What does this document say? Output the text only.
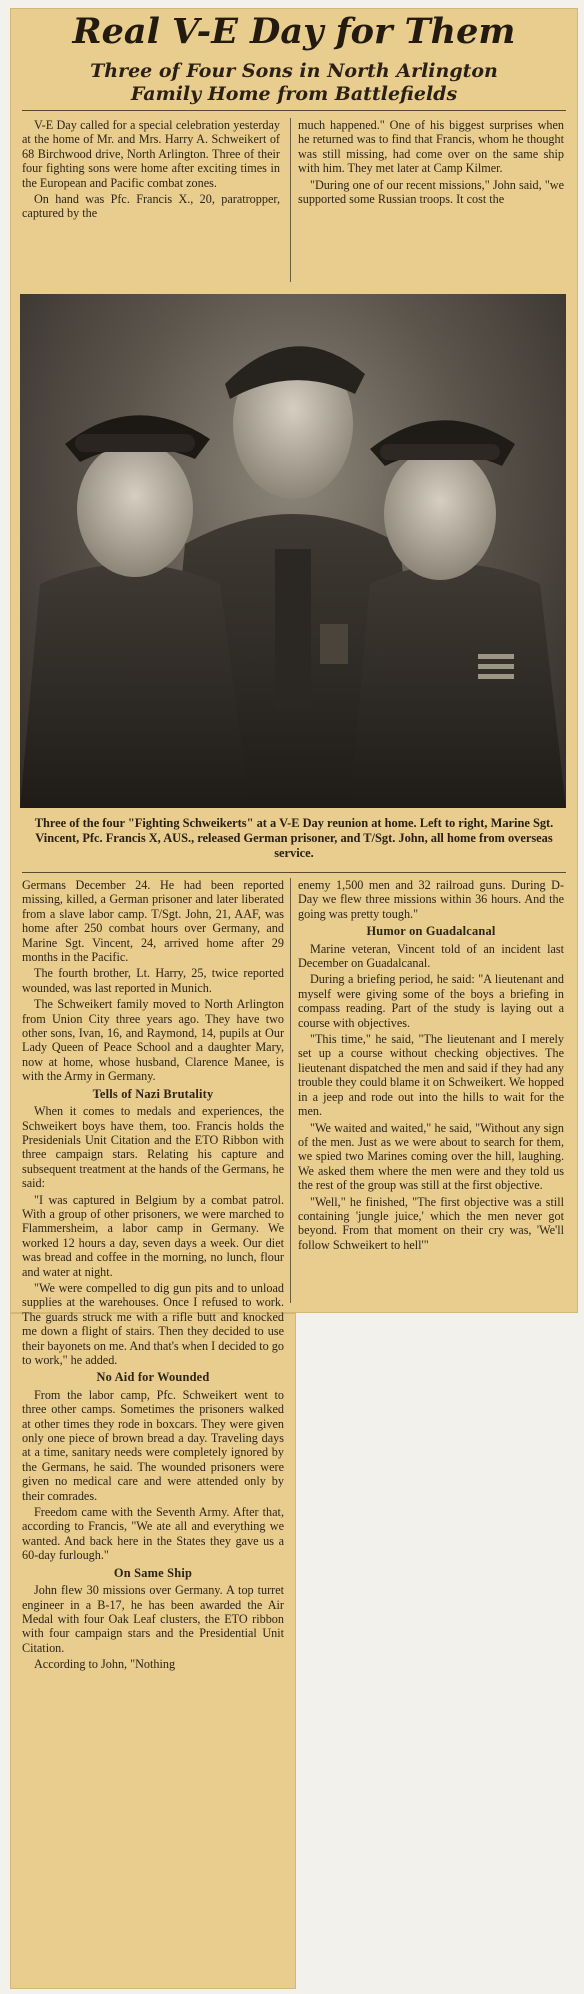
Real V-E Day for Them
Three of Four Sons in North Arlington
Family Home from Battlefields

V-E Day called for a special celebration yesterday at the home of Mr. and Mrs. Harry A. Schweikert of 68 Birchwood drive, North Arlington. Three of their four fighting sons were home after exciting times in the European and Pacific combat zones.

On hand was Pfc. Francis X., 20, paratropper, captured by the

much happened." One of his biggest surprises when he returned was to find that Francis, whom he thought was still missing, had come over on the same ship with him. They met later at Camp Kilmer.

"During one of our recent missions," John said, "we supported some Russian troops. It cost the

Three of the four "Fighting Schweikerts" at a V-E Day reunion at home. Left to right, Marine Sgt. Vincent, Pfc. Francis X, AUS., released German prisoner, and T/Sgt. John, all home from overseas service.

Germans December 24. He had been reported missing, killed, a German prisoner and later liberated from a slave labor camp. T/Sgt. John, 21, AAF, was home after 250 combat hours over Germany, and Marine Sgt. Vincent, 24, arrived home after 29 months in the Pacific.

The fourth brother, Lt. Harry, 25, twice reported wounded, was last reported in Munich.

The Schweikert family moved to North Arlington from Union City three years ago. They have two other sons, Ivan, 16, and Raymond, 14, pupils at Our Lady Queen of Peace School and a daughter Mary, now at home, whose husband, Clarence Manee, is with the Army in Germany.

Tells of Nazi Brutality

When it comes to medals and experiences, the Schweikert boys have them, too. Francis holds the Presidenials Unit Citation and the ETO Ribbon with three campaign stars. Relating his capture and subsequent treatment at the hands of the Germans, he said:

"I was captured in Belgium by a combat patrol. With a group of other prisoners, we were marched to Flammersheim, a labor camp in Germany. We worked 12 hours a day, seven days a week. Our diet was bread and coffee in the morning, no lunch, flour and water at night.

"We were compelled to dig gun pits and to unload supplies at the warehouses. Once I refused to work. The guards struck me with a rifle butt and knocked me down a flight of stairs. Then they decided to use their bayonets on me. And that's when I decided to go to work," he added.

No Aid for Wounded

From the labor camp, Pfc. Schweikert went to three other camps. Sometimes the prisoners walked at other times they rode in boxcars. They were given only one piece of brown bread a day. Traveling days at a time, sanitary needs were completely ignored by the Germans, he said. The wounded prisoners were given no medical care and were attended only by their comrades.

Freedom came with the Seventh Army. After that, according to Francis, "We ate all and everything we wanted. And back here in the States they gave us a 60-day furlough."

On Same Ship

John flew 30 missions over Germany. A top turret engineer in a B-17, he has been awarded the Air Medal with four Oak Leaf clusters, the ETO ribbon with four campaign stars and the Presidential Unit Citation.

According to John, "Nothing

enemy 1,500 men and 32 railroad guns. During D-Day we flew three missions within 36 hours. And the going was pretty tough."

Humor on Guadalcanal

Marine veteran, Vincent told of an incident last December on Guadalcanal.

During a briefing period, he said: "A lieutenant and myself were giving some of the boys a briefing in compass reading. Part of the study is laying out a course with objectives.

"This time," he said, "The lieutenant and I merely set up a course without checking objectives. The lieutenant dispatched the men and said if they had any trouble they could blame it on Schweikert. We hopped in a jeep and rode out into the hills to wait for the men.

"We waited and waited," he said, "Without any sign of the men. Just as we were about to search for them, we spied two Marines coming over the hill, laughing. We asked them where the men were and they told us the rest of the group was still at the first objective.

"Well," he finished, "The first objective was a still containing 'jungle juice,' which the men never got beyond. From that moment on their cry was, 'We'll follow Schweikert to hell'"
